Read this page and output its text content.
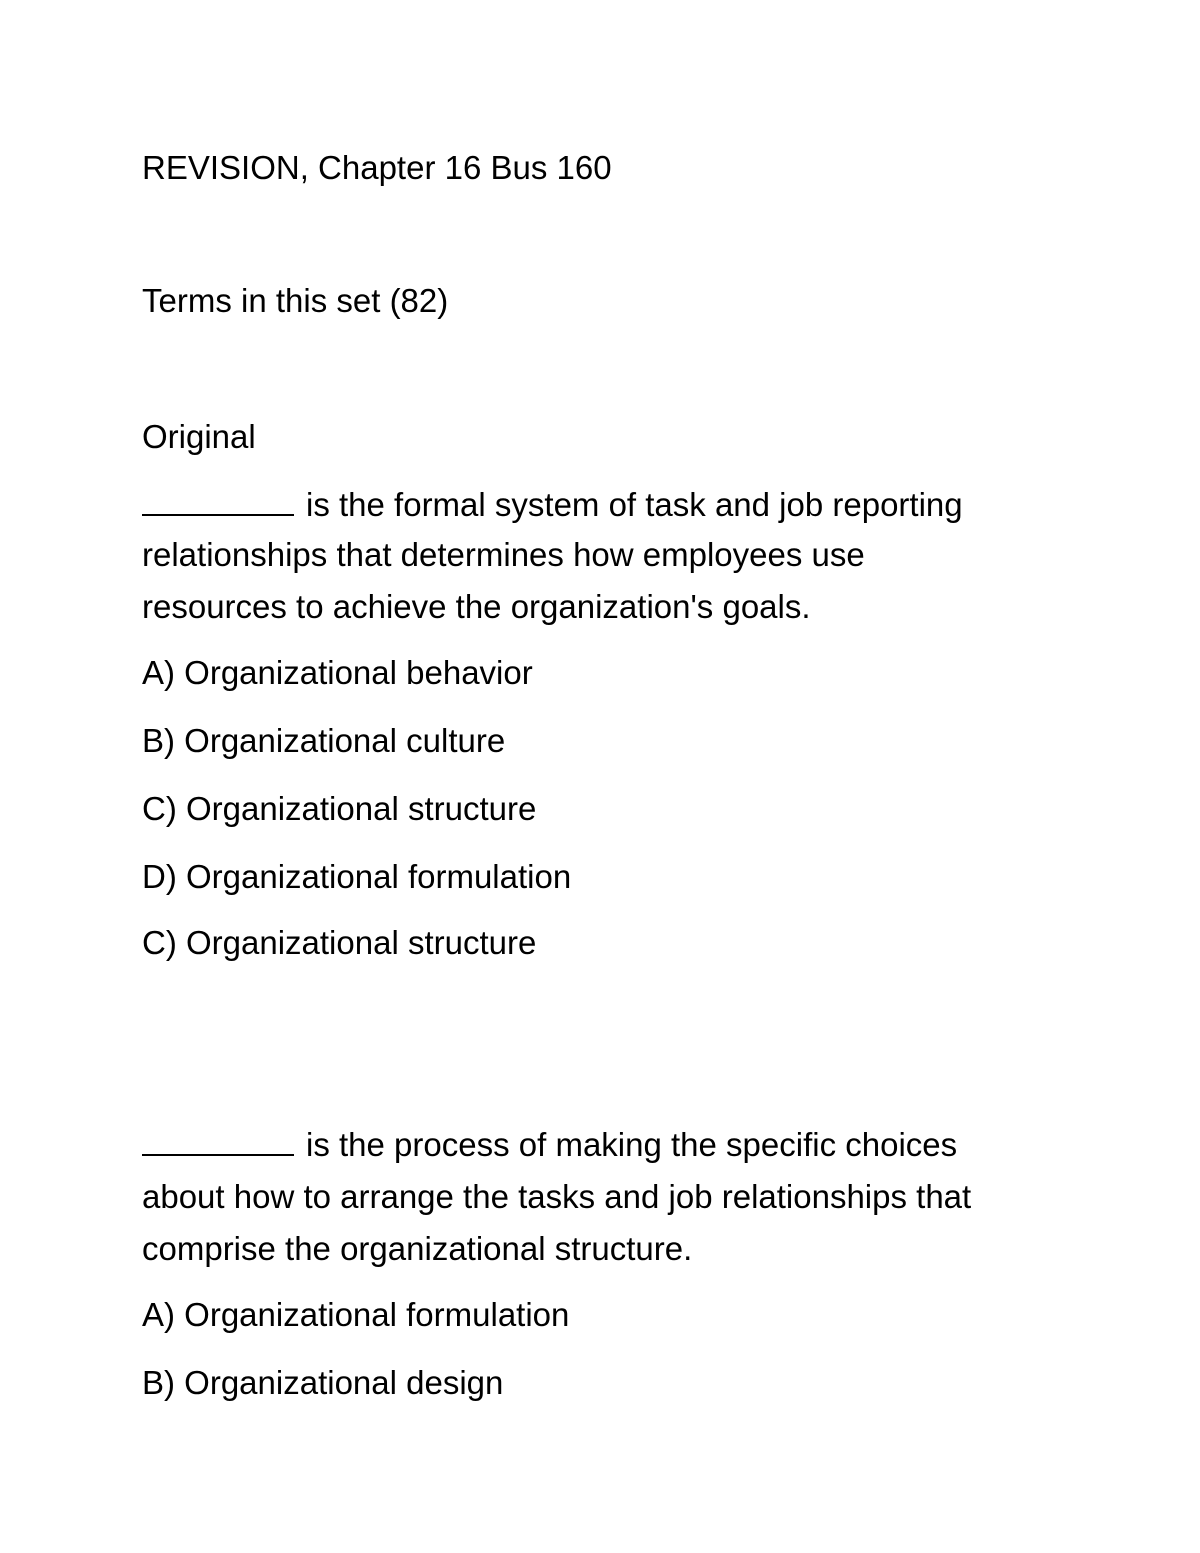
REVISION, Chapter 16 Bus 160
Terms in this set (82)
Original
is the formal system of task and job reporting
relationships that determines how employees use
resources to achieve the organization's goals.
A) Organizational behavior
B) Organizational culture
C) Organizational structure
D) Organizational formulation
C) Organizational structure
is the process of making the specific choices
about how to arrange the tasks and job relationships that
comprise the organizational structure.
A) Organizational formulation
B) Organizational design
